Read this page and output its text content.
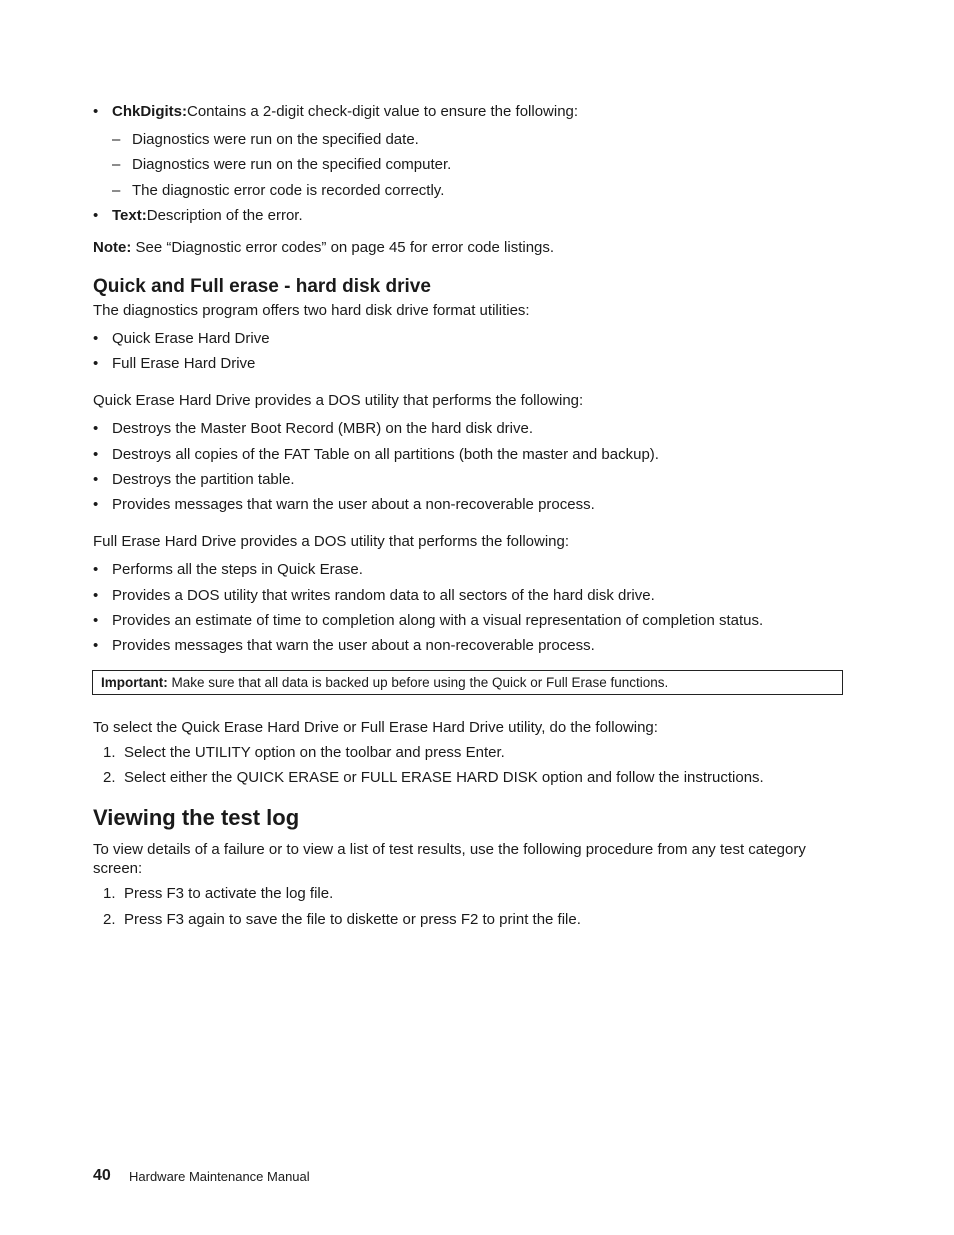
• ChkDigits:Contains a 2-digit check-digit value to ensure the following:
– Diagnostics were run on the specified date.
– Diagnostics were run on the specified computer.
– The diagnostic error code is recorded correctly.
• Text:Description of the error.
Note: See “Diagnostic error codes” on page 45 for error code listings.
Quick and Full erase - hard disk drive
The diagnostics program offers two hard disk drive format utilities:
• Quick Erase Hard Drive
• Full Erase Hard Drive
Quick Erase Hard Drive provides a DOS utility that performs the following:
• Destroys the Master Boot Record (MBR) on the hard disk drive.
• Destroys all copies of the FAT Table on all partitions (both the master and backup).
• Destroys the partition table.
• Provides messages that warn the user about a non-recoverable process.
Full Erase Hard Drive provides a DOS utility that performs the following:
• Performs all the steps in Quick Erase.
• Provides a DOS utility that writes random data to all sectors of the hard disk drive.
• Provides an estimate of time to completion along with a visual representation of completion status.
• Provides messages that warn the user about a non-recoverable process.
Important: Make sure that all data is backed up before using the Quick or Full Erase functions.
To select the Quick Erase Hard Drive or Full Erase Hard Drive utility, do the following:
1. Select the UTILITY option on the toolbar and press Enter.
2. Select either the QUICK ERASE or FULL ERASE HARD DISK option and follow the instructions.
Viewing the test log
To view details of a failure or to view a list of test results, use the following procedure from any test category
screen:
1. Press F3 to activate the log file.
2. Press F3 again to save the file to diskette or press F2 to print the file.
40 Hardware Maintenance Manual
